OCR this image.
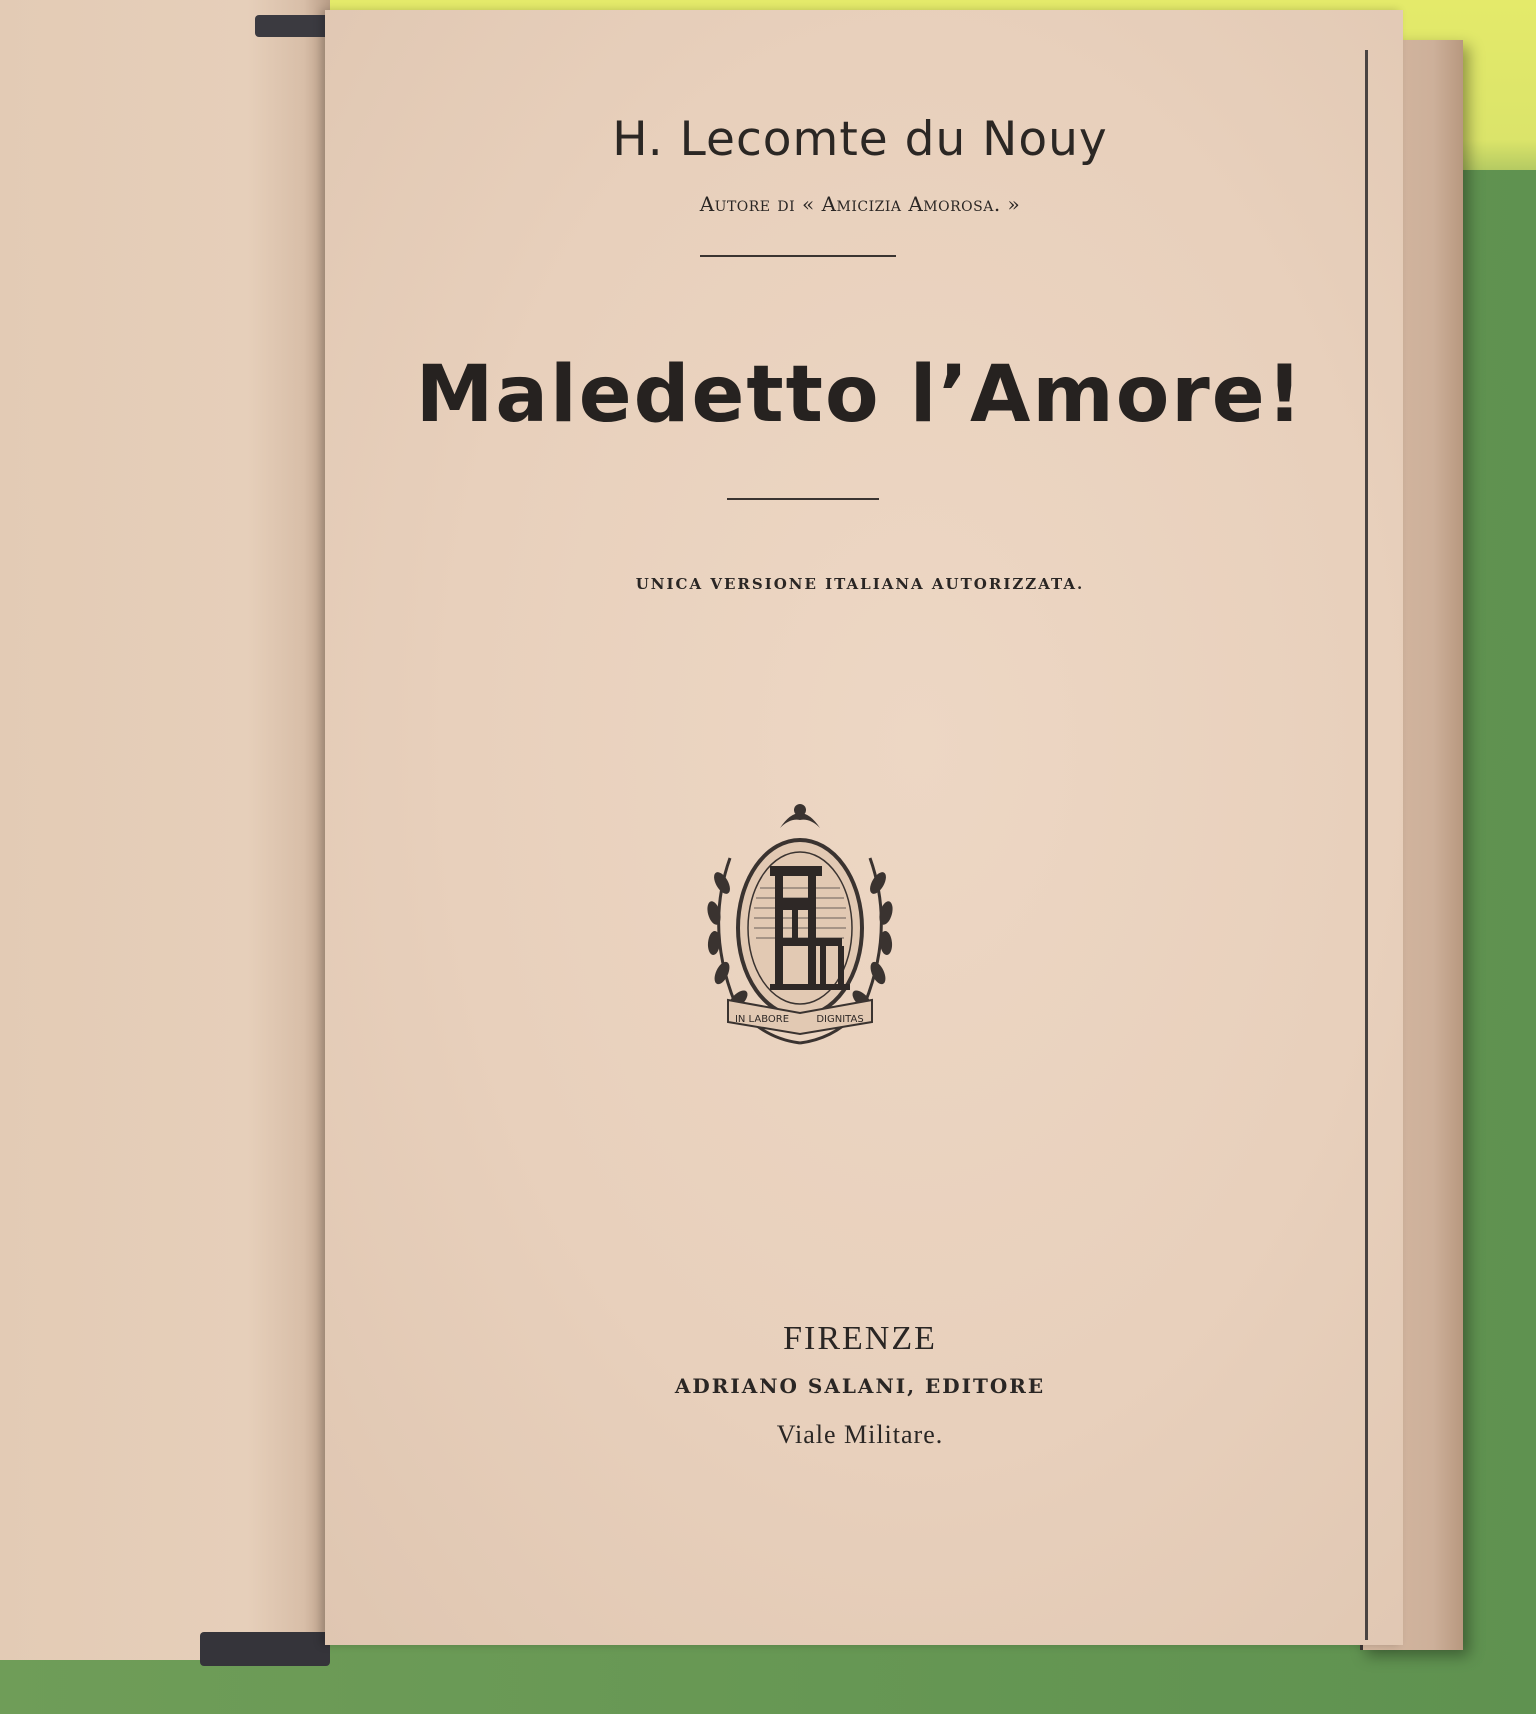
H. Lecomte du Nouy

Autore di « Amicizia Amorosa. »

Maledetto l’Amore!

UNICA VERSIONE ITALIANA AUTORIZZATA.

IN LABORE	DIGNITAS

FIRENZE

ADRIANO SALANI, EDITORE

Viale Militare.
